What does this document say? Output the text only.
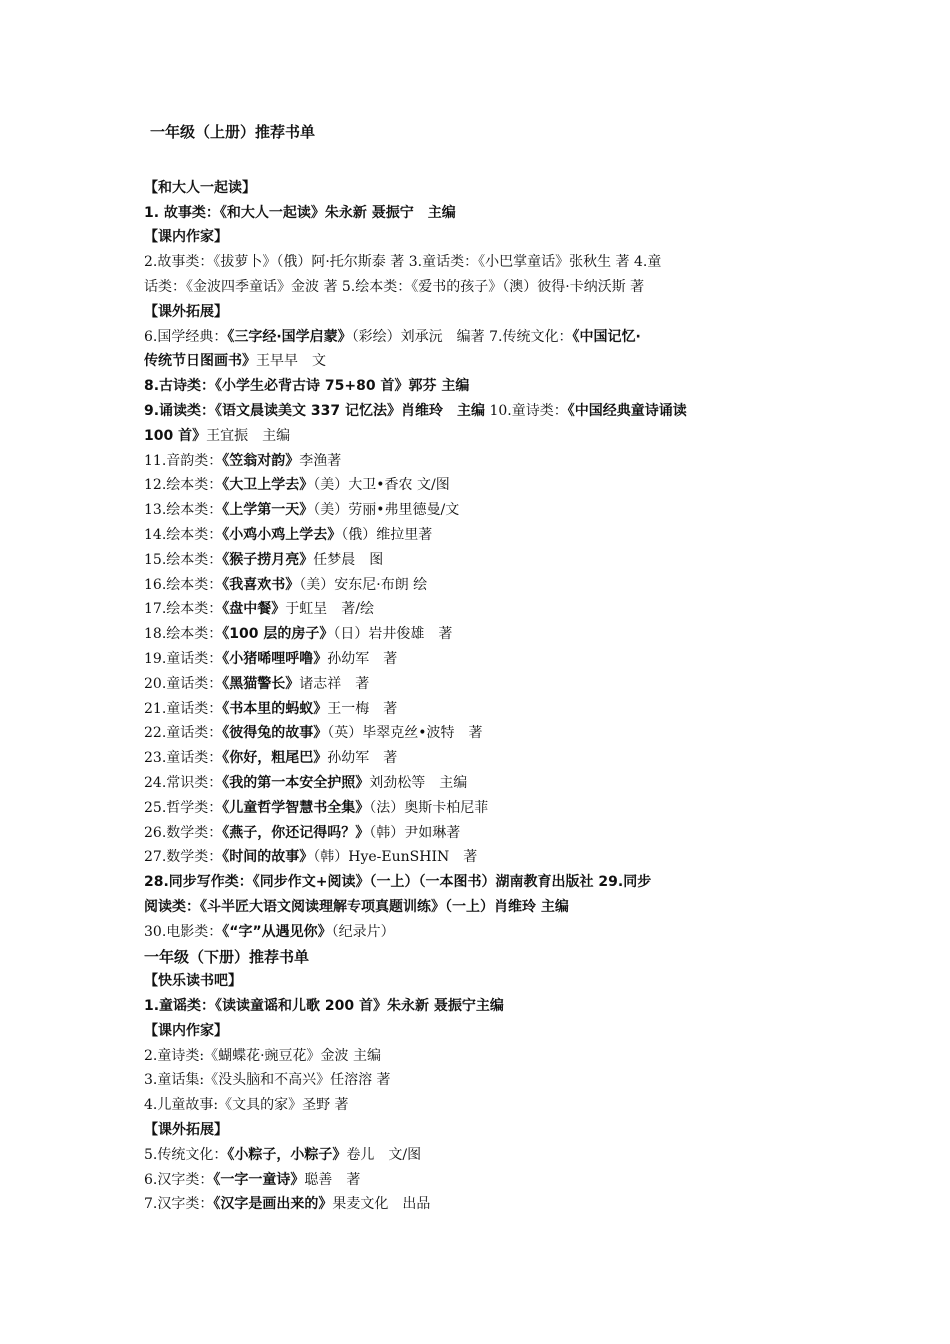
一年级（上册）推荐书单

【和大人一起读】

1. 故事类：《和大人一起读》朱永新 聂振宁　主编

【课内作家】

2.故事类：《拔萝卜》（俄）阿·托尔斯泰 著 3.童话类：《小巴掌童话》张秋生 著 4.童

话类：《金波四季童话》金波 著 5.绘本类：《爱书的孩子》（澳）彼得·卡纳沃斯 著

【课外拓展】

6.国学经典：《三字经·国学启蒙》（彩绘）刘承沅　编著 7.传统文化：《中国记忆·

传统节日图画书》王早早　文

8.古诗类：《小学生必背古诗 75+80 首》郭芬 主编

9.诵读类：《语文晨读美文 337 记忆法》肖维玲　主编 10.童诗类：《中国经典童诗诵读

100 首》王宜振　主编

11.音韵类：《笠翁对韵》李渔著

12.绘本类：《大卫上学去》（美）大卫•香农 文/图

13.绘本类：《上学第一天》（美）劳丽•弗里德曼/文

14.绘本类：《小鸡小鸡上学去》（俄）维拉里著

15.绘本类：《猴子捞月亮》任梦晨　图

16.绘本类：《我喜欢书》（美）安东尼·布朗 绘

17.绘本类：《盘中餐》于虹呈　著/绘

18.绘本类：《100 层的房子》（日）岩井俊雄　著

19.童话类：《小猪唏哩呼噜》孙幼军　著

20.童话类：《黑猫警长》诸志祥　著

21.童话类：《书本里的蚂蚁》王一梅　著

22.童话类：《彼得兔的故事》（英）毕翠克丝•波特　著

23.童话类：《你好，粗尾巴》孙幼军　著

24.常识类：《我的第一本安全护照》刘劲松等　主编

25.哲学类：《儿童哲学智慧书全集》（法）奥斯卡柏尼菲

26.数学类：《燕子，你还记得吗？》（韩）尹如琳著

27.数学类：《时间的故事》（韩）Hye-EunSHIN　著

28.同步写作类：《同步作文+阅读》（一上）（一本图书）湖南教育出版社 29.同步

阅读类：《斗半匠大语文阅读理解专项真题训练》（一上）肖维玲 主编

30.电影类：《“字”从遇见你》（纪录片）

一年级（下册）推荐书单

【快乐读书吧】

1.童谣类：《读读童谣和儿歌 200 首》朱永新 聂振宁主编

【课内作家】

2.童诗类:《蝴蝶花·豌豆花》金波 主编

3.童话集:《没头脑和不高兴》任溶溶 著

4.儿童故事:《文具的家》圣野 著

【课外拓展】

5.传统文化：《小粽子，小粽子》卷儿　文/图

6.汉字类：《一字一童诗》聪善　著

7.汉字类：《汉字是画出来的》果麦文化　出品
